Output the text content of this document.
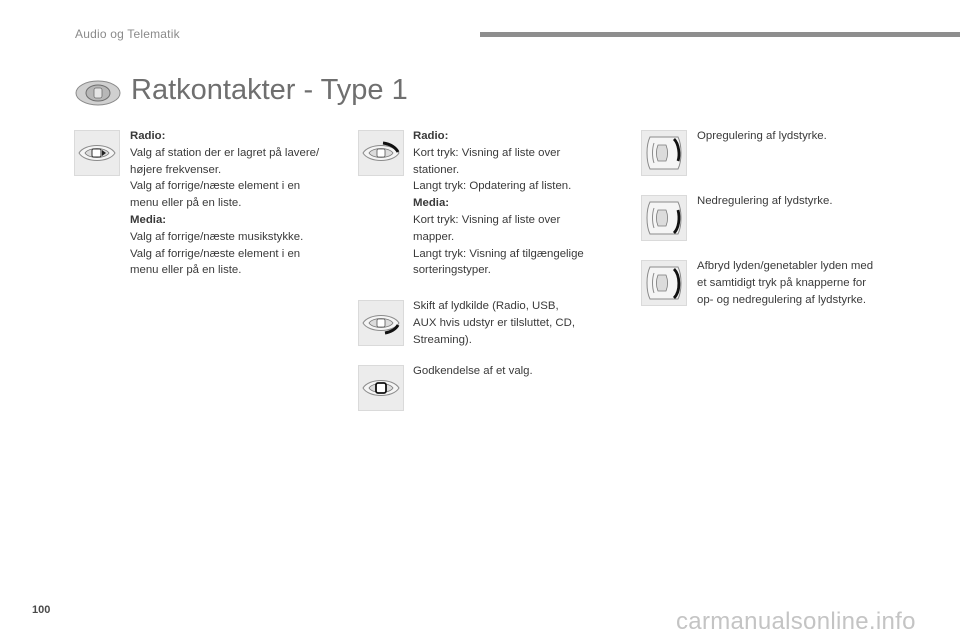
Audio og Telematik
Ratkontakter - Type 1
Radio:
Valg af station der er lagret på lavere/
højere frekvenser.
Valg af forrige/næste element i en
menu eller på en liste.
Media:
Valg af forrige/næste musikstykke.
Valg af forrige/næste element i en
menu eller på en liste.
Radio:
Kort tryk: Visning af liste over
stationer.
Langt tryk: Opdatering af listen.
Media:
Kort tryk: Visning af liste over
mapper.
Langt tryk: Visning af tilgængelige
sorteringstyper.
Skift af lydkilde (Radio, USB,
AUX hvis udstyr er tilsluttet, CD,
Streaming).
Godkendelse af et valg.
Opregulering af lydstyrke.
Nedregulering af lydstyrke.
Afbryd lyden/genetabler lyden med
et samtidigt tryk på knapperne for
op- og nedregulering af lydstyrke.
100	carmanualsonline.info
